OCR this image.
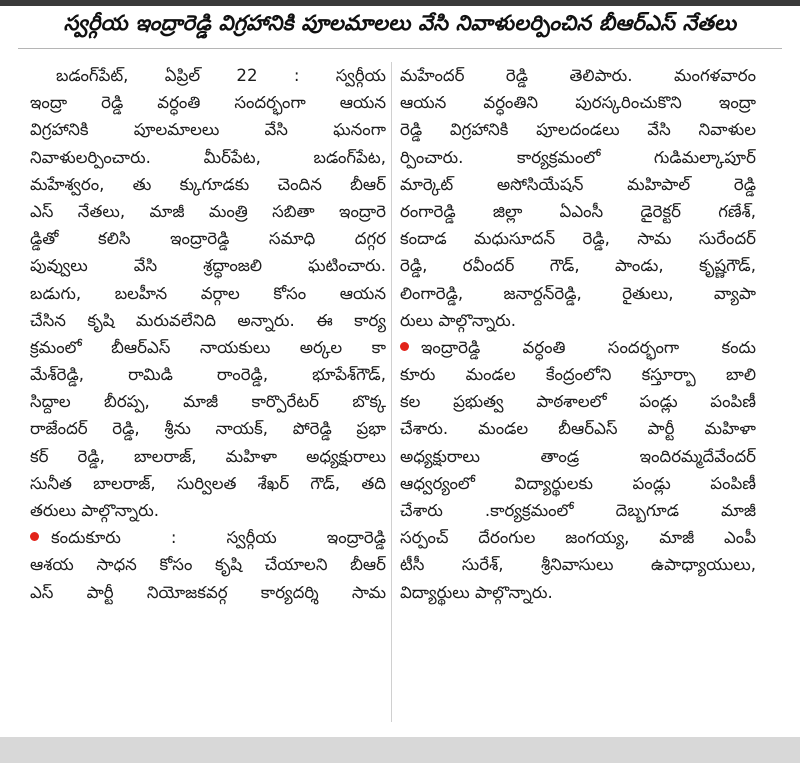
స్వర్గీయ ఇంద్రారెడ్డి విగ్రహానికి పూలమాలలు వేసి నివాళులర్పించిన బీఆర్ఎస్ నేతలు
బడంగ్‌పేట్, ఏప్రిల్ 22 : స్వర్గీయ
ఇంద్రా రెడ్డి వర్ధంతి సందర్భంగా ఆయన
విగ్రహానికి పూలమాలలు వేసి ఘనంగా
నివాళులర్పించారు. మీర్‌పేట, బడంగ్‌పేట,
మహేశ్వరం, తు క్కుగూడకు చెందిన బీఆర్
ఎస్ నేతలు, మాజీ మంత్రి సబితా ఇంద్రారె
డ్డితో కలిసి ఇంద్రారెడ్డి సమాధి దగ్గర
పువ్వులు వేసి శ్రద్ధాంజలి ఘటించారు.
బడుగు, బలహీన వర్గాల కోసం ఆయన
చేసిన కృషి మరువలేనిది అన్నారు. ఈ కార్య
క్రమంలో బీఆర్ఎస్ నాయకులు అర్కల కా
మేశ్‌రెడ్డి, రామిడి రాంరెడ్డి, భూపేశ్‌గౌడ్,
సిద్దాల బీరప్ప, మాజీ కార్పొరేటర్ బొక్క
రాజేందర్ రెడ్డి, శ్రీను నాయక్, పోరెడ్డి ప్రభా
కర్ రెడ్డి, బాలరాజ్, మహిళా అధ్యక్షురాలు
సునీత బాలరాజ్, సుర్విలత శేఖర్ గౌడ్, తది
తరులు పాల్గొన్నారు.
కందుకూరు : స్వర్గీయ ఇంద్రారెడ్డి
ఆశయ సాధన కోసం కృషి చేయాలని బీఆర్
ఎస్ పార్టీ నియోజకవర్గ కార్యదర్శి సామ
మహేందర్ రెడ్డి తెలిపారు. మంగళవారం
ఆయన వర్ధంతిని పురస్కరించుకొని ఇంద్రా
రెడ్డి విగ్రహానికి పూలదండలు వేసి నివాళుల
ర్పించారు. కార్యక్రమంలో గుడిమల్కాపూర్
మార్కెట్ అసోసియేషన్ మహిపాల్ రెడ్డి
రంగారెడ్డి జిల్లా ఏఎంసీ డైరెక్టర్ గణేశ్,
కందాడ మధుసూదన్ రెడ్డి, సామ సురేందర్
రెడ్డి, రవీందర్ గౌడ్, పాండు, కృష్ణగౌడ్,
లింగారెడ్డి, జనార్దన్‌రెడ్డి, రైతులు, వ్యాపా
రులు పాల్గొన్నారు.
ఇంద్రారెడ్డి వర్ధంతి సందర్భంగా కందు
కూరు మండల కేంద్రంలోని కస్తూర్బా బాలి
కల ప్రభుత్వ పాఠశాలలో పండ్లు పంపిణీ
చేశారు. మండల బీఆర్ఎస్ పార్టీ మహిళా
అధ్యక్షురాలు తాండ్ర ఇందిరమ్మదేవేందర్
ఆధ్వర్యంలో విద్యార్థులకు పండ్లు పంపిణీ
చేశారు .కార్యక్రమంలో దెబ్బగూడ మాజీ
సర్పంచ్ దేరంగుల జంగయ్య, మాజీ ఎంపీ
టీసీ సురేశ్, శ్రీనివాసులు ఉపాధ్యాయులు,
విద్యార్థులు పాల్గొన్నారు.
